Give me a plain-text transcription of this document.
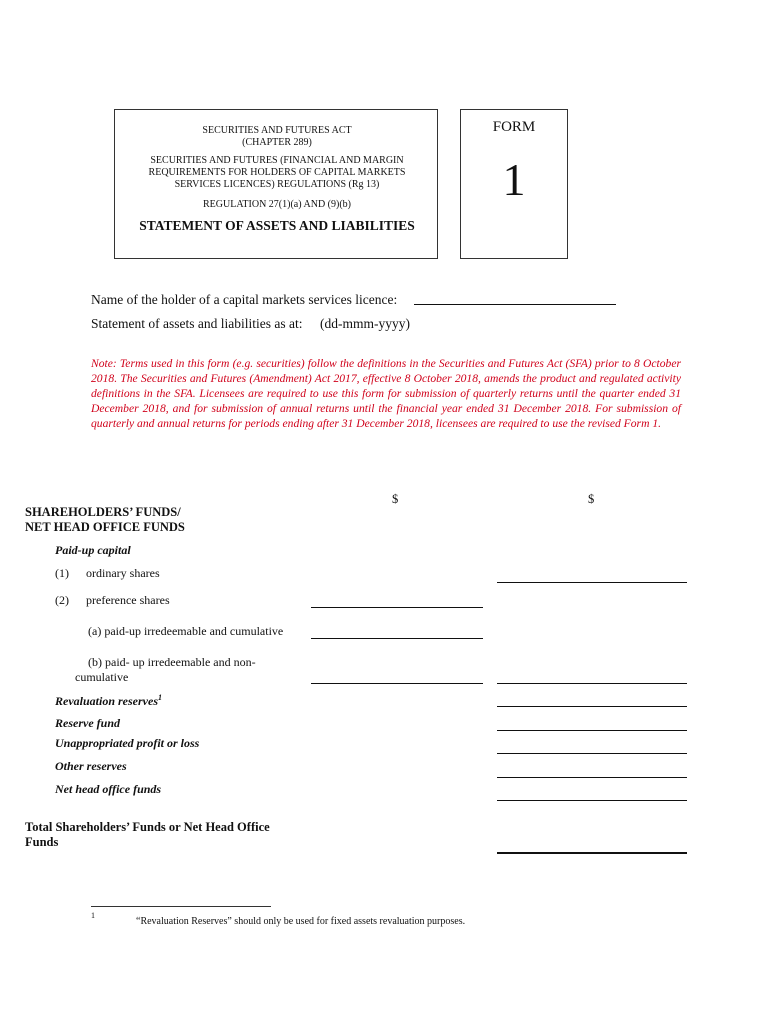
SECURITIES AND FUTURES ACT
(CHAPTER 289)
SECURITIES AND FUTURES (FINANCIAL AND MARGIN
REQUIREMENTS FOR HOLDERS OF CAPITAL MARKETS
SERVICES LICENCES) REGULATIONS (Rg 13)
REGULATION 27(1)(a) AND (9)(b)
STATEMENT OF ASSETS AND LIABILITIES
FORM
1
Name of the holder of a capital markets services licence:
Statement of assets and liabilities as at: (dd-mmm-yyyy)
Note: Terms used in this form (e.g. securities) follow the definitions in the Securities and Futures Act (SFA) prior to 8 October 2018. The Securities and Futures (Amendment) Act 2017, effective 8 October 2018, amends the product and regulated activity definitions in the SFA. Licensees are required to use this form for submission of quarterly returns until the quarter ended 31 December 2018, and for submission of annual returns until the financial year ended 31 December 2018. For submission of quarterly and annual returns for periods ending after 31 December 2018, licensees are required to use the revised Form 1.
$	$
SHAREHOLDERS’ FUNDS/
NET HEAD OFFICE FUNDS
Paid-up capital
(1) ordinary shares
(2) preference shares
(a) paid-up irredeemable and cumulative
(b) paid- up irredeemable and non-
cumulative
Revaluation reserves$^1$
Reserve fund
Unappropriated profit or loss
Other reserves
Net head office funds
Total Shareholders’ Funds or Net Head Office
Funds
1
“Revaluation Reserves” should only be used for fixed assets revaluation purposes.
